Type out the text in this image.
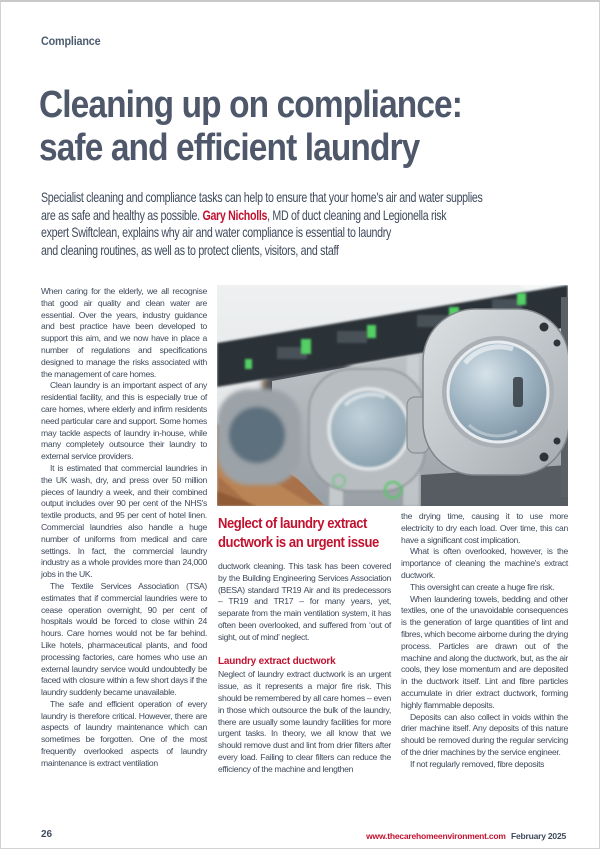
Compliance
Cleaning up on compliance:
safe and efficient laundry
Specialist cleaning and compliance tasks can help to ensure that your home's air and water supplies
are as safe and healthy as possible. Gary Nicholls, MD of duct cleaning and Legionella risk
expert Swiftclean, explains why air and water compliance is essential to laundry
and cleaning routines, as well as to protect clients, visitors, and staff

When caring for the elderly, we all recognise that good air quality and clean water are essential. Over the years, industry guidance and best practice have been developed to support this aim, and we now have in place a number of regulations and specifications designed to manage the risks associated with the management of care homes.

Clean laundry is an important aspect of any residential facility, and this is especially true of care homes, where elderly and infirm residents need particular care and support. Some homes may tackle aspects of laundry in-house, while many completely outsource their laundry to external service providers.

It is estimated that commercial laundries in the UK wash, dry, and press over 50 million pieces of laundry a week, and their combined output includes over 90 per cent of the NHS's textile products, and 95 per cent of hotel linen. Commercial laundries also handle a huge number of uniforms from medical and care settings. In fact, the commercial laundry industry as a whole provides more than 24,000 jobs in the UK.

The Textile Services Association (TSA) estimates that if commercial laundries were to cease operation overnight, 90 per cent of hospitals would be forced to close within 24 hours. Care homes would not be far behind. Like hotels, pharmaceutical plants, and food processing factories, care homes who use an external laundry service would undoubtedly be faced with closure within a few short days if the laundry suddenly became unavailable.

The safe and efficient operation of every laundry is therefore critical. However, there are aspects of laundry maintenance which can sometimes be forgotten. One of the most frequently overlooked aspects of laundry maintenance is extract ventilation

Neglect of laundry extract ductwork is an urgent issue

ductwork cleaning. This task has been covered by the Building Engineering Services Association (BESA) standard TR19 Air and its predecessors – TR19 and TR17 – for many years, yet, separate from the main ventilation system, it has often been overlooked, and suffered from ‘out of sight, out of mind’ neglect.

Laundry extract ductwork

Neglect of laundry extract ductwork is an urgent issue, as it represents a major fire risk. This should be remembered by all care homes – even in those which outsource the bulk of the laundry, there are usually some laundry facilities for more urgent tasks. In theory, we all know that we should remove dust and lint from drier filters after every load. Failing to clear filters can reduce the efficiency of the machine and lengthen

the drying time, causing it to use more electricity to dry each load. Over time, this can have a significant cost implication.

What is often overlooked, however, is the importance of cleaning the machine's extract ductwork.

This oversight can create a huge fire risk.

When laundering towels, bedding and other textiles, one of the unavoidable consequences is the generation of large quantities of lint and fibres, which become airborne during the drying process. Particles are drawn out of the machine and along the ductwork, but, as the air cools, they lose momentum and are deposited in the ductwork itself. Lint and fibre particles accumulate in drier extract ductwork, forming highly flammable deposits.

Deposits can also collect in voids within the drier machine itself. Any deposits of this nature should be removed during the regular servicing of the drier machines by the service engineer.

If not regularly removed, fibre deposits

26	www.thecarehomeenvironment.com February 2025
